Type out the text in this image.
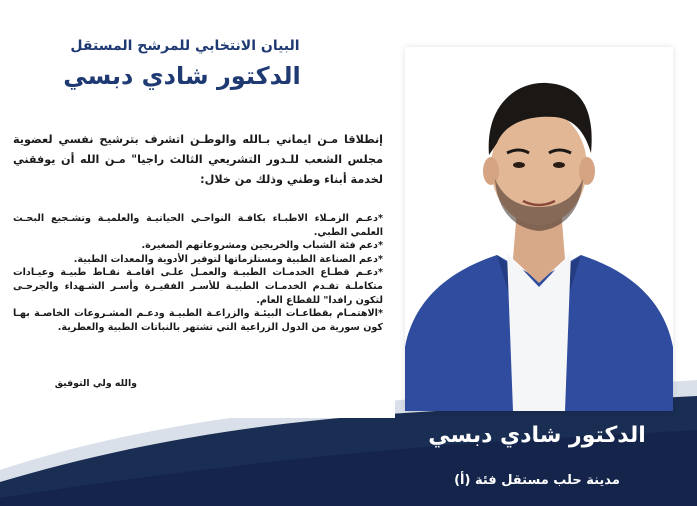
البيان الانتخابي للمرشح المستقل
الدكتور شادي دبسي
إنطلاقا مـن ايماني بـالله والوطـن اتشرف بترشيح نفسي لعضوية مجلس الشعب للـدور التشريعي الثالث راجيا" مـن الله أن يوفقني لخدمة أبناء وطني وذلك من خلال:

*دعـم الزمـلاء الاطبـاء بكافـة النواحـي الحياتيـة والعلميـة وتشـجيع البحـث العلمي الطبي.

*دعم فئة الشباب والخريجين ومشروعاتهم الصغيرة.

*دعم الصناعة الطبية ومستلزماتها لتوفير الأدوية والمعدات الطبية.

*دعـم قطـاع الخدمـات الطبيـة والعمـل علـى اقامـة نقـاط طبيـة وعيـادات متكاملـة تقـدم الخدمـات الطبيـة للأسـر الفقيـرة وأسـر الشـهداء والجرحـى لتكون رافدا" للقطاع العام.

*الاهتمـام بقطاعـات البيئـة والزراعـة الطبيـة ودعـم المشـروعات الخاصـة بهـا كون سورية من الدول الزراعية التي تشتهر بالنباتات الطبية والعطرية.

والله ولي التوفيق
الدكتور شادي دبسي
مدينة حلب مستقل فئة (أ)
